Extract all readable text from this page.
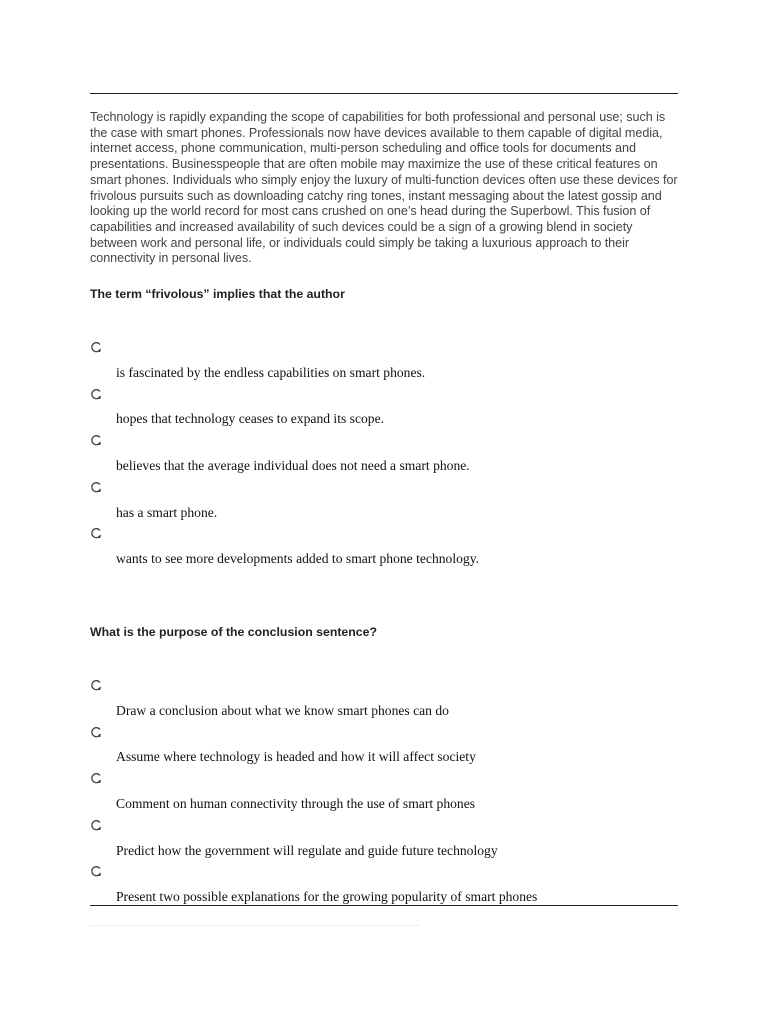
Technology is rapidly expanding the scope of capabilities for both professional and personal use; such is the case with smart phones. Professionals now have devices available to them capable of digital media, internet access, phone communication, multi-person scheduling and office tools for documents and presentations. Businesspeople that are often mobile may maximize the use of these critical features on smart phones. Individuals who simply enjoy the luxury of multi-function devices often use these devices for frivolous pursuits such as downloading catchy ring tones, instant messaging about the latest gossip and looking up the world record for most cans crushed on one’s head during the Superbowl. This fusion of capabilities and increased availability of such devices could be a sign of a growing blend in society between work and personal life, or individuals could simply be taking a luxurious approach to their connectivity in personal lives.
The term “frivolous” implies that the author
is fascinated by the endless capabilities on smart phones.
hopes that technology ceases to expand its scope.
believes that the average individual does not need a smart phone.
has a smart phone.
wants to see more developments added to smart phone technology.
What is the purpose of the conclusion sentence?
Draw a conclusion about what we know smart phones can do
Assume where technology is headed and how it will affect society
Comment on human connectivity through the use of smart phones
Predict how the government will regulate and guide future technology
Present two possible explanations for the growing popularity of smart phones
